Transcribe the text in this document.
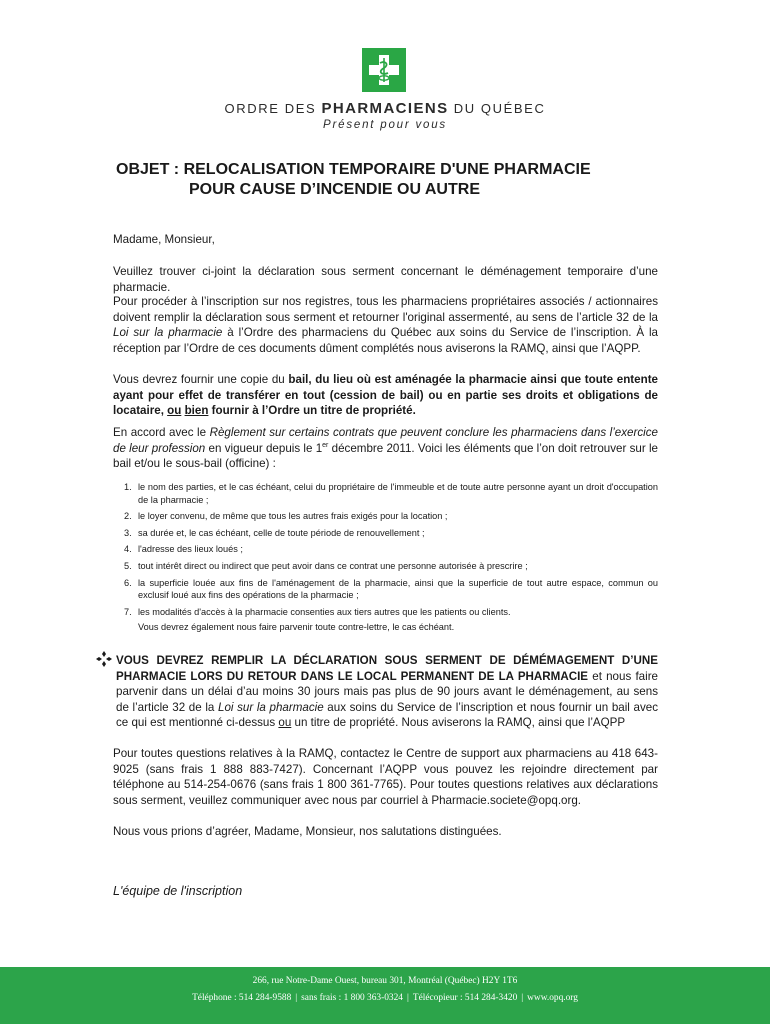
ORDRE DES PHARMACIENS DU QUÉBEC
Présent pour vous
OBJET : RELOCALISATION TEMPORAIRE D'UNE PHARMACIE
POUR CAUSE D’INCENDIE OU AUTRE

Madame, Monsieur,

Veuillez trouver ci-joint la déclaration sous serment concernant le déménagement temporaire d’une pharmacie.

Pour procéder à l’inscription sur nos registres, tous les pharmaciens propriétaires associés / actionnaires doivent remplir la déclaration sous serment et retourner l'original assermenté, au sens de l’article 32 de la Loi sur la pharmacie à l’Ordre des pharmaciens du Québec aux soins du Service de l’inscription. À la réception par l’Ordre de ces documents dûment complétés nous aviserons la RAMQ, ainsi que l’AQPP.

Vous devrez fournir une copie du bail, du lieu où est aménagée la pharmacie ainsi que toute entente ayant pour effet de transférer en tout (cession de bail) ou en partie ses droits et obligations de locataire, ou bien fournir à l’Ordre un titre de propriété.

En accord avec le Règlement sur certains contrats que peuvent conclure les pharmaciens dans l’exercice de leur profession en vigueur depuis le 1er décembre 2011. Voici les éléments que l’on doit retrouver sur le bail et/ou le sous-bail (officine) :

1. le nom des parties, et le cas échéant, celui du propriétaire de l'immeuble et de toute autre personne ayant un droit d'occupation de la pharmacie ;
2. le loyer convenu, de même que tous les autres frais exigés pour la location ;
3. sa durée et, le cas échéant, celle de toute période de renouvellement ;
4. l'adresse des lieux loués ;
5. tout intérêt direct ou indirect que peut avoir dans ce contrat une personne autorisée à prescrire ;
6. la superficie louée aux fins de l'aménagement de la pharmacie, ainsi que la superficie de tout autre espace, commun ou exclusif loué aux fins des opérations de la pharmacie ;
7. les modalités d'accès à la pharmacie consenties aux tiers autres que les patients ou clients.
Vous devrez également nous faire parvenir toute contre-lettre, le cas échéant.

VOUS DEVREZ REMPLIR LA DÉCLARATION SOUS SERMENT DE DÉMÉMAGEMENT D’UNE PHARMACIE LORS DU RETOUR DANS LE LOCAL PERMANENT DE LA PHARMACIE et nous faire parvenir dans un délai d’au moins 30 jours mais pas plus de 90 jours avant le déménagement, au sens de l’article 32 de la Loi sur la pharmacie aux soins du Service de l’inscription et nous fournir un bail avec ce qui est mentionné ci-dessus ou un titre de propriété. Nous aviserons la RAMQ, ainsi que l’AQPP

Pour toutes questions relatives à la RAMQ, contactez le Centre de support aux pharmaciens au 418 643-9025 (sans frais 1 888 883-7427). Concernant l’AQPP vous pouvez les rejoindre directement par téléphone au 514-254-0676 (sans frais 1 800 361-7765). Pour toutes questions relatives aux déclarations sous serment, veuillez communiquer avec nous par courriel à Pharmacie.societe@opq.org.

Nous vous prions d’agréer, Madame, Monsieur, nos salutations distinguées.

L'équipe de l'inscription
266, rue Notre-Dame Ouest, bureau 301, Montréal (Québec) H2Y 1T6
Téléphone : 514 284-9588 | sans frais : 1 800 363-0324 | Télécopieur : 514 284-3420 | www.opq.org
